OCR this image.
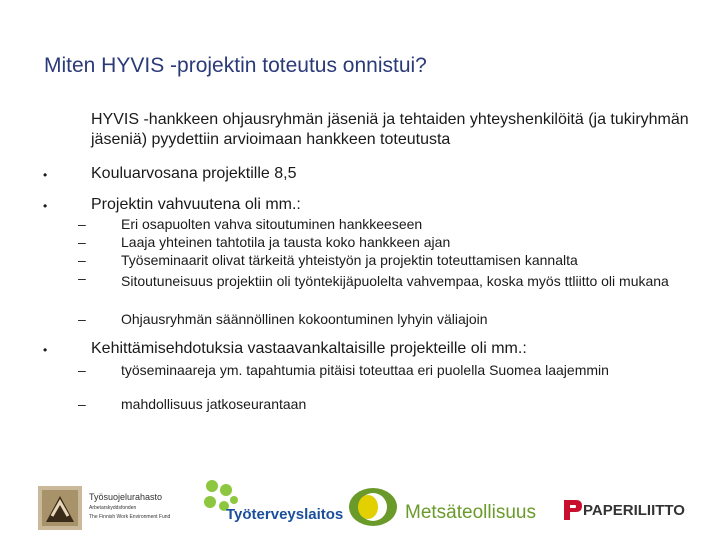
Miten HYVIS -projektin toteutus onnistui?
HYVIS -hankkeen ohjausryhmän jäseniä ja tehtaiden yhteyshenkilöitä (ja tukiryhmän jäseniä) pyydettiin arvioimaan hankkeen toteutusta
•	Kouluarvosana projektille 8,5
•	Projektin vahvuutena oli mm.:
–	Eri osapuolten vahva sitoutuminen hankkeeseen
–	Laaja yhteinen tahtotila ja tausta koko hankkeen ajan
–	Työseminaarit olivat tärkeitä yhteistyön ja projektin toteuttamisen kannalta
–	Sitoutuneisuus projektiin oli työntekijäpuolelta vahvempaa, koska myös ttliitto oli mukana
–	Ohjausryhmän säännöllinen kokoontuminen lyhyin väliajoin
•	Kehittämisehdotuksia vastaavankaltaisille projekteille oli mm.:
–	työseminaareja ym. tapahtumia pitäisi toteuttaa eri puolella Suomea laajemmin
–	mahdollisuus jatkoseurantaan
Työsuojelurahasto
Arbetarskyddsfonden
The Finnish Work Environment Fund	Työterveyslaitos	Metsäteollisuus	PAPERILIITTO
